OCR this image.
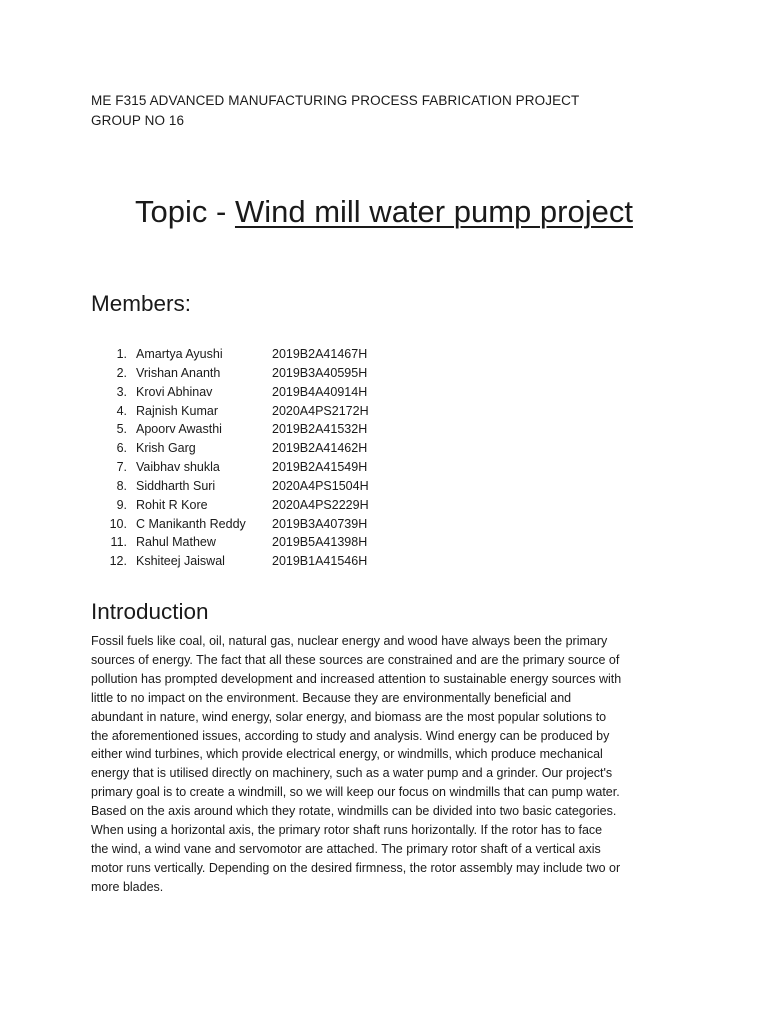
ME F315 ADVANCED MANUFACTURING PROCESS FABRICATION PROJECT
GROUP NO 16
Topic - Wind mill water pump project
Members:
1. Amartya Ayushi	2019B2A41467H
2. Vrishan Ananth	2019B3A40595H
3. Krovi Abhinav	2019B4A40914H
4. Rajnish Kumar	2020A4PS2172H
5. Apoorv Awasthi	2019B2A41532H
6. Krish Garg	2019B2A41462H
7. Vaibhav shukla	2019B2A41549H
8. Siddharth Suri	2020A4PS1504H
9. Rohit R Kore	2020A4PS2229H
10. C Manikanth Reddy 2019B3A40739H
11. Rahul Mathew	2019B5A41398H
12. Kshiteej Jaiswal	2019B1A41546H
Introduction

Fossil fuels like coal, oil, natural gas, nuclear energy and wood have always been the primary
sources of energy. The fact that all these sources are constrained and are the primary source of
pollution has prompted development and increased attention to sustainable energy sources with
little to no impact on the environment. Because they are environmentally beneficial and
abundant in nature, wind energy, solar energy, and biomass are the most popular solutions to
the aforementioned issues, according to study and analysis. Wind energy can be produced by
either wind turbines, which provide electrical energy, or windmills, which produce mechanical
energy that is utilised directly on machinery, such as a water pump and a grinder. Our project's
primary goal is to create a windmill, so we will keep our focus on windmills that can pump water.
Based on the axis around which they rotate, windmills can be divided into two basic categories.
When using a horizontal axis, the primary rotor shaft runs horizontally. If the rotor has to face
the wind, a wind vane and servomotor are attached. The primary rotor shaft of a vertical axis
motor runs vertically. Depending on the desired firmness, the rotor assembly may include two or
more blades.
